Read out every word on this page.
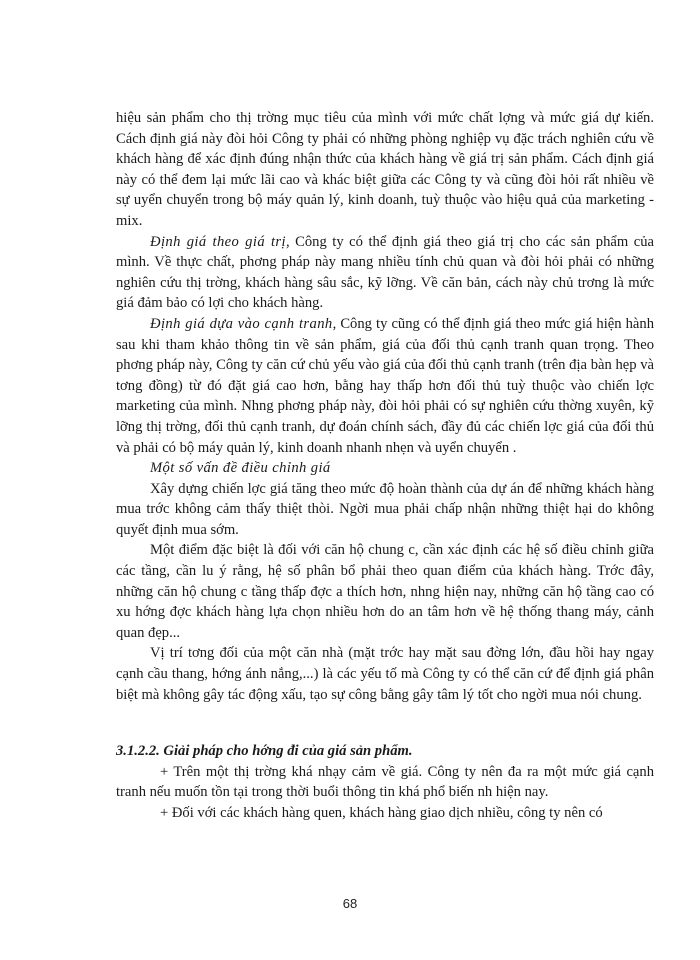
hiệu sản phẩm cho thị trờng mục tiêu của mình với mức chất lợng và mức giá dự kiến. Cách định giá này đòi hỏi Công ty phải có những phòng nghiệp vụ đặc trách nghiên cứu về khách hàng để xác định đúng nhận thức của khách hàng về giá trị sản phẩm. Cách định giá này có thể đem lại mức lãi cao và khác biệt giữa các Công ty và cũng đòi hỏi rất nhiều về sự uyển chuyển trong bộ máy quản lý, kinh doanh, tuỳ thuộc vào hiệu quả của marketing - mix.

Định giá theo giá trị, Công ty có thể định giá theo giá trị cho các sản phẩm của mình. Về thực chất, phơng pháp này mang nhiều tính chủ quan và đòi hỏi phải có những nghiên cứu thị trờng, khách hàng sâu sắc, kỹ lỡng. Về căn bản, cách này chủ trơng là mức giá đảm bảo có lợi cho khách hàng.

Định giá dựa vào cạnh tranh, Công ty cũng có thể định giá theo mức giá hiện hành sau khi tham khảo thông tin về sản phẩm, giá của đối thủ cạnh tranh quan trọng. Theo phơng pháp này, Công ty căn cứ chủ yếu vào giá của đối thủ cạnh tranh (trên địa bàn hẹp và tơng đồng) từ đó đặt giá cao hơn, bằng hay thấp hơn đối thủ tuỳ thuộc vào chiến lợc marketing của mình. Nhng phơng pháp này, đòi hỏi phải có sự nghiên cứu thờng xuyên, kỹ lỡng thị trờng, đối thủ cạnh tranh, dự đoán chính sách, đầy đủ các chiến lợc giá của đối thủ và phải có bộ máy quản lý, kinh doanh nhanh nhẹn và uyển chuyển .

Một số vấn đề điều chỉnh giá

Xây dựng chiến lợc giá tăng theo mức độ hoàn thành của dự án để những khách hàng mua trớc không cảm thấy thiệt thòi. Ngời mua phải chấp nhận những thiệt hại do không quyết định mua sớm.

Một điểm đặc biệt là đối với căn hộ chung c, cần xác định các hệ số điều chỉnh giữa các tầng, cần lu ý rằng, hệ số phân bổ phải theo quan điểm của khách hàng. Trớc đây, những căn hộ chung c tầng thấp đợc a thích hơn, nhng hiện nay, những căn hộ tầng cao có xu hớng đợc khách hàng lựa chọn nhiều hơn do an tâm hơn về hệ thống thang máy, cảnh quan đẹp...

Vị trí tơng đối của một căn nhà (mặt trớc hay mặt sau đờng lớn, đầu hồi hay ngay cạnh cầu thang, hớng ánh nắng,...) là các yếu tố mà Công ty có thể căn cứ để định giá phân biệt mà không gây tác động xấu, tạo sự công bằng gây tâm lý tốt cho ngời mua nói chung.

3.1.2.2. Giải pháp cho hớng đi của giá sản phẩm.

+ Trên một thị trờng khá nhạy cảm về giá. Công ty nên đa ra một mức giá cạnh tranh nếu muốn tồn tại trong thời buổi thông tin khá phổ biến nh hiện nay.

+ Đối với các khách hàng quen, khách hàng giao dịch nhiều, công ty nên có

68
